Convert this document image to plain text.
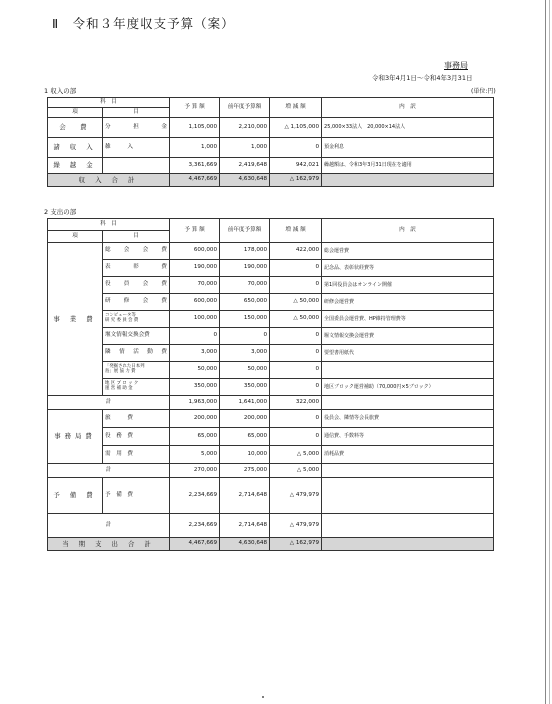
Ⅱ　令和３年度収支予算（案）
事務局
令和3年4月1日～令和4年3月31日
(単位:円)
1 収入の部
科　目		予 算 額	前年度予算額	増 減 額	内　訳
項	目				
会　費	分 担 金	1,105,000	2,210,000	△ 1,105,000	25,000×33法人　20,000×14法人
諸 収 入	雑　　　入	1,000	1,000	0	預金利息
繰 越 金		3,361,669	2,419,648	942,021	繰越額は、令和3年3月31日現在を適用
収 入 合 計		4,467,669	4,630,648	△ 162,979	
2 支出の部
科　目		予 算 額	前年度予算額	増 減 額	内　訳
項	目				
事 業 費	総 会 会 費	600,000	178,000	422,000	総会運営費
	表　彰　費	190,000	190,000	0	記念品、表彰状経費等
	役 員 会 費	70,000	70,000	0	第1回役員会はオンライン開催
	研 修 会 費	600,000	650,000	△ 50,000	研修会運営費
	コンピュータ等
研 究 委 員 会 費	100,000	150,000	△ 50,000	全国委員会運営費、HP維持管理費等
	堰文情報交換会費	0	0	0	堰文情報交換会運営費
	隣 情 活 動 費	3,000	3,000	0	要望書用紙代
	「発掘された日本列
島」展 協 力 費	50,000	50,000	0	
	地 区 ブ ロ ッ ク
運 営 補 助 金	350,000	350,000	0	地区ブロック運営補助（70,000円×5ブロック）
計		1,963,000	1,641,000	322,000	
事務局費	旅　　　費	200,000	200,000	0	役員会、隣情等会長旅費
	役　務　費	65,000	65,000	0	通信費、手数料等
	需　用　費	5,000	10,000	△ 5,000	消耗品費
計		270,000	275,000	△ 5,000	
予 備 費	予　備　費	2,234,669	2,714,648	△ 479,979	
計		2,234,669	2,714,648	△ 479,979	
当 期 支 出 合 計		4,467,669	4,630,648	△ 162,979	
